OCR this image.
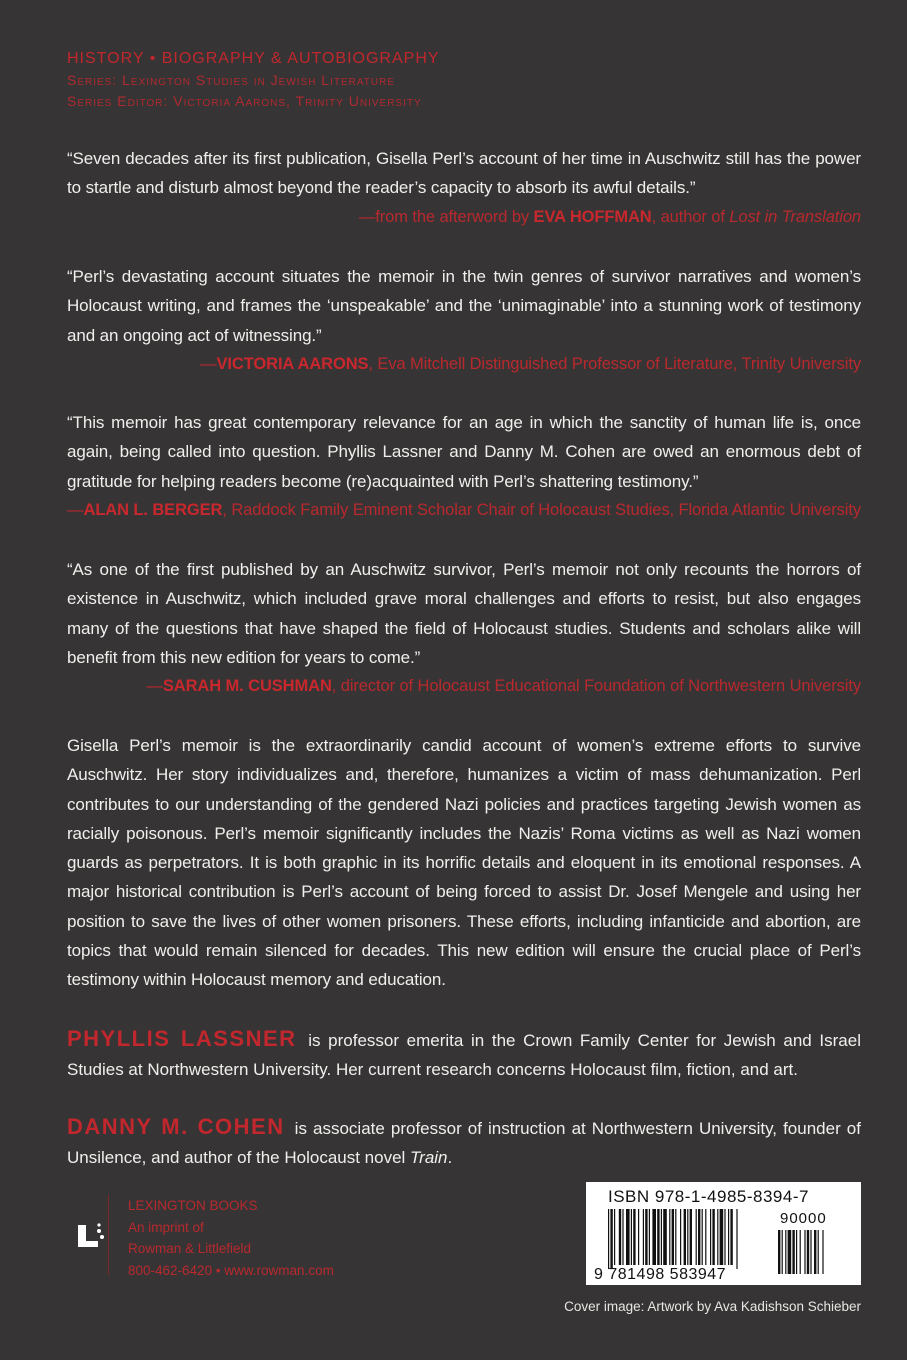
HISTORY • BIOGRAPHY & AUTOBIOGRAPHY
Series: Lexington Studies in Jewish Literature
Series Editor: Victoria Aarons, Trinity University
“Seven decades after its first publication, Gisella Perl’s account of her time in Auschwitz still has the power to startle and disturb almost beyond the reader’s capacity to absorb its awful details.”
—from the afterword by EVA HOFFMAN, author of Lost in Translation
“Perl’s devastating account situates the memoir in the twin genres of survivor narratives and women’s Holocaust writing, and frames the ‘unspeakable’ and the ‘unimaginable’ into a stunning work of testimony and an ongoing act of witnessing.”
—VICTORIA AARONS, Eva Mitchell Distinguished Professor of Literature, Trinity University
“This memoir has great contemporary relevance for an age in which the sanctity of human life is, once again, being called into question. Phyllis Lassner and Danny M. Cohen are owed an enormous debt of gratitude for helping readers become (re)acquainted with Perl’s shattering testimony.”
—ALAN L. BERGER, Raddock Family Eminent Scholar Chair of Holocaust Studies, Florida Atlantic University
“As one of the first published by an Auschwitz survivor, Perl’s memoir not only recounts the horrors of existence in Auschwitz, which included grave moral challenges and efforts to resist, but also engages many of the questions that have shaped the field of Holocaust studies. Students and scholars alike will benefit from this new edition for years to come.”
—SARAH M. CUSHMAN, director of Holocaust Educational Foundation of Northwestern University
Gisella Perl’s memoir is the extraordinarily candid account of women’s extreme efforts to survive Auschwitz. Her story individualizes and, therefore, humanizes a victim of mass dehumanization. Perl contributes to our understanding of the gendered Nazi policies and practices targeting Jewish women as racially poisonous. Perl’s memoir significantly includes the Nazis’ Roma victims as well as Nazi women guards as perpetrators. It is both graphic in its horrific details and eloquent in its emotional responses. A major historical contribution is Perl’s account of being forced to assist Dr. Josef Mengele and using her position to save the lives of other women prisoners. These efforts, including infanticide and abortion, are topics that would remain silenced for decades. This new edition will ensure the crucial place of Perl’s testimony within Holocaust memory and education.
PHYLLIS LASSNER is professor emerita in the Crown Family Center for Jewish and Israel Studies at Northwestern University. Her current research concerns Holocaust film, fiction, and art.
DANNY M. COHEN is associate professor of instruction at Northwestern University, founder of Unsilence, and author of the Holocaust novel Train.
LEXINGTON BOOKS
An imprint of
Rowman & Littlefield
800-462-6420 • www.rowman.com
ISBN 978-1-4985-8394-7
90000
9 781498 583947
Cover image: Artwork by Ava Kadishson Schieber
